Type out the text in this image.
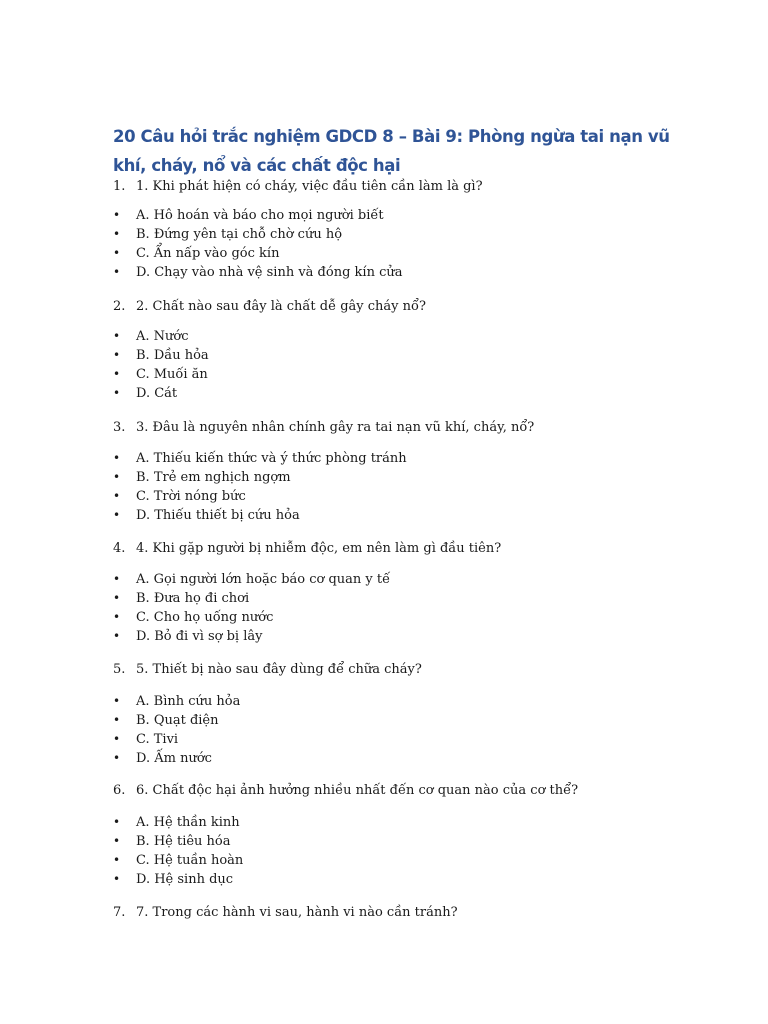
20 Câu hỏi trắc nghiệm GDCD 8 – Bài 9: Phòng ngừa tai nạn vũ khí, cháy, nổ và các chất độc hại
1. 1. Khi phát hiện có cháy, việc đầu tiên cần làm là gì?
• A. Hô hoán và báo cho mọi người biết
• B. Đứng yên tại chỗ chờ cứu hộ
• C. Ẩn nấp vào góc kín
• D. Chạy vào nhà vệ sinh và đóng kín cửa
2. 2. Chất nào sau đây là chất dễ gây cháy nổ?
• A. Nước
• B. Dầu hỏa
• C. Muối ăn
• D. Cát
3. 3. Đâu là nguyên nhân chính gây ra tai nạn vũ khí, cháy, nổ?
• A. Thiếu kiến thức và ý thức phòng tránh
• B. Trẻ em nghịch ngợm
• C. Trời nóng bức
• D. Thiếu thiết bị cứu hỏa
4. 4. Khi gặp người bị nhiễm độc, em nên làm gì đầu tiên?
• A. Gọi người lớn hoặc báo cơ quan y tế
• B. Đưa họ đi chơi
• C. Cho họ uống nước
• D. Bỏ đi vì sợ bị lây
5. 5. Thiết bị nào sau đây dùng để chữa cháy?
• A. Bình cứu hỏa
• B. Quạt điện
• C. Tivi
• D. Ấm nước
6. 6. Chất độc hại ảnh hưởng nhiều nhất đến cơ quan nào của cơ thể?
• A. Hệ thần kinh
• B. Hệ tiêu hóa
• C. Hệ tuần hoàn
• D. Hệ sinh dục
7. 7. Trong các hành vi sau, hành vi nào cần tránh?
